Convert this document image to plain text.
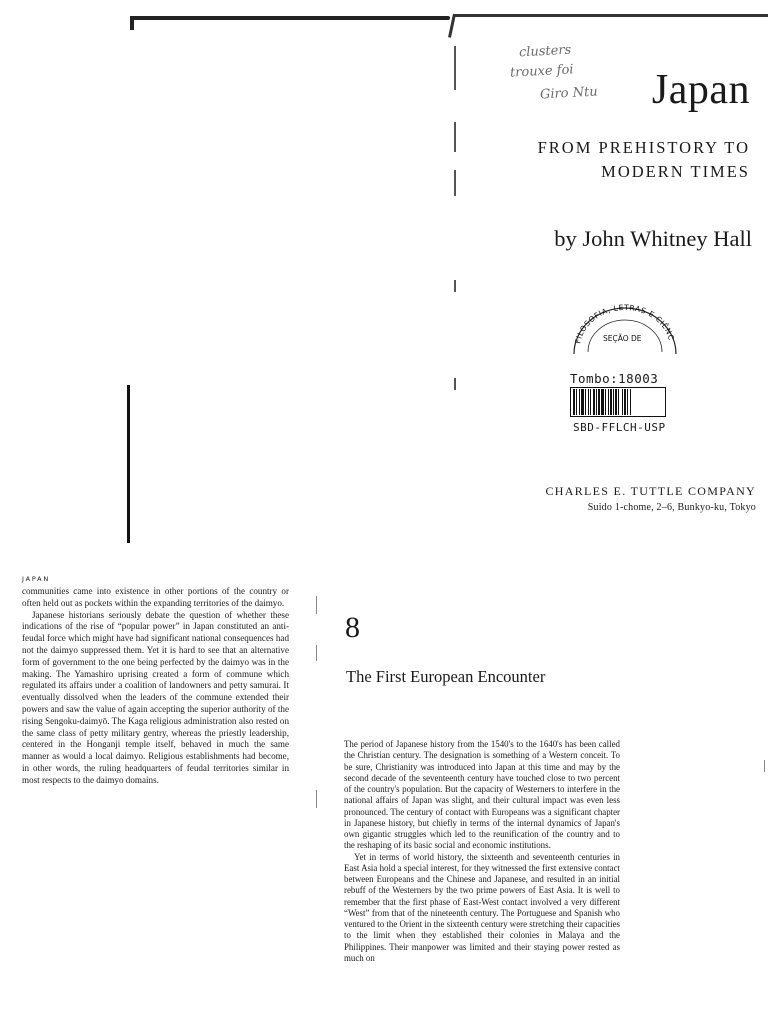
clusters
trouxe foi
Giro Ntu Japan
FROM PREHISTORY TO
MODERN TIMES
by John Whitney Hall
FILOSOFIA, LETRAS E CIÊNC
SEÇÃO DE
Tombo:18003
SBD-FFLCH-USP
CHARLES E. TUTTLE COMPANY
Suido 1-chome, 2–6, Bunkyo-ku, Tokyo
JAPAN

communities came into existence in other portions of the country or often held out as pockets within the expanding territories of the daimyo.

Japanese historians seriously debate the question of whether these indications of the rise of “popular power” in Japan constituted an anti-feudal force which might have had significant national consequences had not the daimyo suppressed them. Yet it is hard to see that an alternative form of government to the one being perfected by the daimyo was in the making. The Yamashiro uprising created a form of commune which regulated its affairs under a coalition of landowners and petty samurai. It eventually dissolved when the leaders of the commune extended their powers and saw the value of again accepting the superior authority of the rising Sengoku-daimyō. The Kaga religious administration also rested on the same class of petty military gentry, whereas the priestly leadership, centered in the Honganji temple itself, behaved in much the same manner as would a local daimyo. Religious establishments had become, in other words, the ruling headquarters of feudal territories similar in most respects to the daimyo domains.

8
The First European Encounter

The period of Japanese history from the 1540's to the 1640's has been called the Christian century. The designation is something of a Western conceit. To be sure, Christianity was introduced into Japan at this time and may by the second decade of the seventeenth century have touched close to two percent of the country's population. But the capacity of Westerners to interfere in the national affairs of Japan was slight, and their cultural impact was even less pronounced. The century of contact with Europeans was a significant chapter in Japanese history, but chiefly in terms of the internal dynamics of Japan's own gigantic struggles which led to the reunification of the country and to the reshaping of its basic social and economic institutions.

Yet in terms of world history, the sixteenth and seventeenth centuries in East Asia hold a special interest, for they witnessed the first extensive contact between Europeans and the Chinese and Japanese, and resulted in an initial rebuff of the Westerners by the two prime powers of East Asia. It is well to remember that the first phase of East-West contact involved a very different “West” from that of the nineteenth century. The Portuguese and Spanish who ventured to the Orient in the sixteenth century were stretching their capacities to the limit when they established their colonies in Malaya and the Philippines. Their manpower was limited and their staying power rested as much on
